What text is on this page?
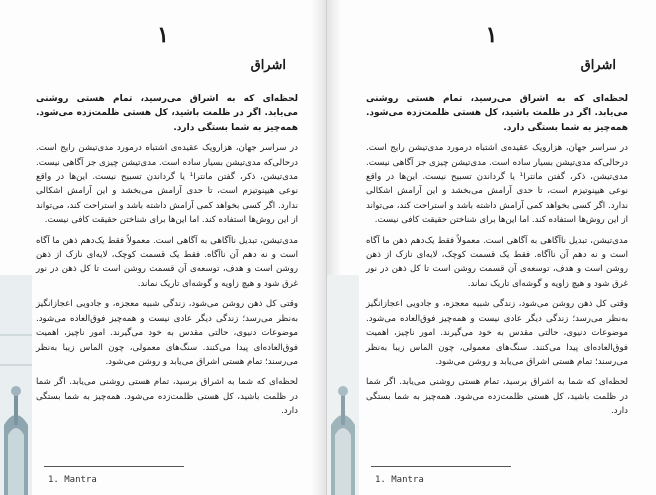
۱
اشراق

لحظه‌ای که به اشراق می‌رسید، تمام هستی روشنی می‌یابد. اگر در ظلمت باشید، کل هستی ظلمت‌زده می‌شود. همه‌چیز به شما بستگی دارد.

در سراسر جهان، هزارویک عقیده‌ی اشتباه درمورد مدی‌تیشن رایج است. درحالی‌که مدی‌تیشن بسیار ساده است. مدی‌تیشن چیزی جز آگاهی نیست. مدی‌تیشن، ذکر، گفتن مانترا¹ یا گرداندن تسبیح نیست. این‌ها در واقع نوعی هیپنوتیزم است، تا حدی آرامش می‌بخشد و این آرامش اشکالی ندارد. اگر کسی بخواهد کمی آرامش داشته باشد و استراحت کند، می‌تواند از این روش‌ها استفاده کند. اما این‌ها برای شناختن حقیقت کافی نیست.

مدی‌تیشن، تبدیل ناآگاهی به آگاهی است. معمولاً فقط یک‌دهم ذهن ما آگاه است و نه دهم آن ناآگاه. فقط یک قسمت کوچک، لایه‌ای نازک از ذهن روشن است و هدف، توسعه‌ی آن قسمت روشن است تا کل ذهن در نور غرق شود و هیچ زاویه و گوشه‌ای تاریک نماند.

وقتی کل ذهن روشن می‌شود، زندگی شبیه معجزه، و جادویی اعجازانگیز به‌نظر می‌رسد؛ زندگی دیگر عادی نیست و همه‌چیز فوق‌العاده می‌شود. موضوعات دنیوی، حالتی مقدس به خود می‌گیرند. امور ناچیز، اهمیت فوق‌العاده‌ای پیدا می‌کنند. سنگ‌های معمولی، چون الماس زیبا به‌نظر می‌رسند؛ تمام هستی اشراق می‌یابد و روشن می‌شود.

لحظه‌ای که شما به اشراق برسید، تمام هستی روشنی می‌یابد. اگر شما در ظلمت باشید، کل هستی ظلمت‌زده می‌شود. همه‌چیز به شما بستگی دارد.

1. Mantra
۱
اشراق

لحظه‌ای که به اشراق می‌رسید، تمام هستی روشنی می‌یابد. اگر در ظلمت باشید، کل هستی ظلمت‌زده می‌شود. همه‌چیز به شما بستگی دارد.

در سراسر جهان، هزارویک عقیده‌ی اشتباه درمورد مدی‌تیشن رایج است. درحالی‌که مدی‌تیشن بسیار ساده است. مدی‌تیشن چیزی جز آگاهی نیست. مدی‌تیشن، ذکر، گفتن مانترا¹ یا گرداندن تسبیح نیست. این‌ها در واقع نوعی هیپنوتیزم است، تا حدی آرامش می‌بخشد و این آرامش اشکالی ندارد. اگر کسی بخواهد کمی آرامش داشته باشد و استراحت کند، می‌تواند از این روش‌ها استفاده کند. اما این‌ها برای شناختن حقیقت کافی نیست.

مدی‌تیشن، تبدیل ناآگاهی به آگاهی است. معمولاً فقط یک‌دهم ذهن ما آگاه است و نه دهم آن ناآگاه. فقط یک قسمت کوچک، لایه‌ای نازک از ذهن روشن است و هدف، توسعه‌ی آن قسمت روشن است تا کل ذهن در نور غرق شود و هیچ زاویه و گوشه‌ای تاریک نماند.

وقتی کل ذهن روشن می‌شود، زندگی شبیه معجزه، و جادویی اعجازانگیز به‌نظر می‌رسد؛ زندگی دیگر عادی نیست و همه‌چیز فوق‌العاده می‌شود. موضوعات دنیوی، حالتی مقدس به خود می‌گیرند. امور ناچیز، اهمیت فوق‌العاده‌ای پیدا می‌کنند. سنگ‌های معمولی، چون الماس زیبا به‌نظر می‌رسند؛ تمام هستی اشراق می‌یابد و روشن می‌شود.

لحظه‌ای که شما به اشراق برسید، تمام هستی روشنی می‌یابد. اگر شما در ظلمت باشید، کل هستی ظلمت‌زده می‌شود. همه‌چیز به شما بستگی دارد.

1. Mantra
